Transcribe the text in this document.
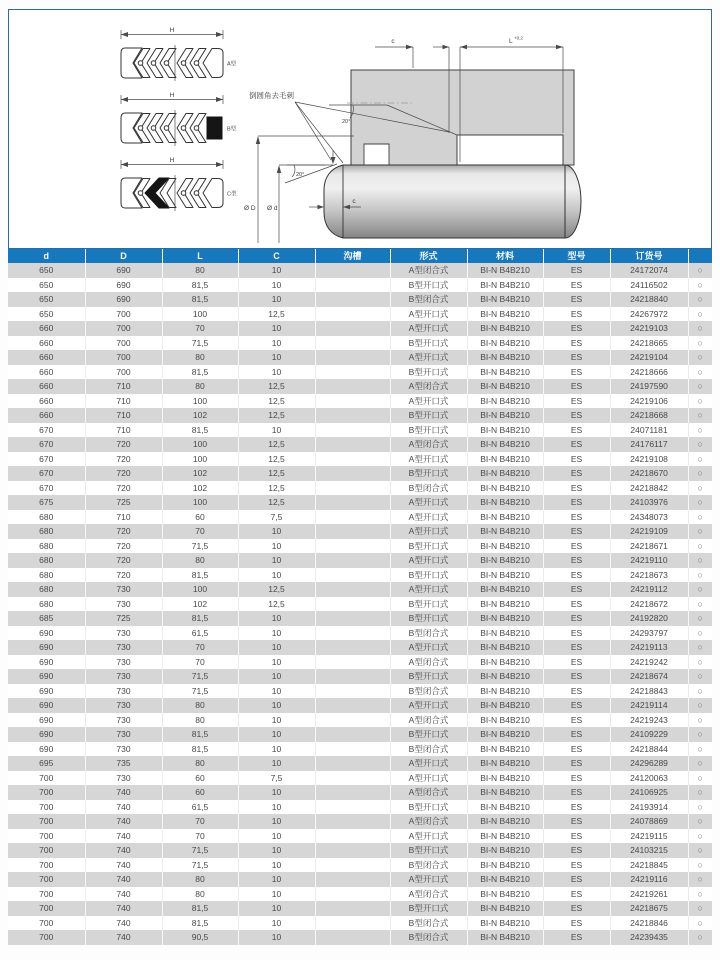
H
A型
H
B型
H
C型
20°
20°
倒圆角去毛刺
c	L +0.2
c
Ø D Ø d
d	D	L	C	沟槽	形式	材料	型号	订货号	
650	690	80	10		A型闭合式	BI-N B4B210	ES	24172074	○
650	690	81,5	10		B型开口式	BI-N B4B210	ES	24116502	○
650	690	81,5	10		B型闭合式	BI-N B4B210	ES	24218840	○
650	700	100	12,5		A型开口式	BI-N B4B210	ES	24267972	○
660	700	70	10		A型开口式	BI-N B4B210	ES	24219103	○
660	700	71,5	10		B型开口式	BI-N B4B210	ES	24218665	○
660	700	80	10		A型开口式	BI-N B4B210	ES	24219104	○
660	700	81,5	10		B型开口式	BI-N B4B210	ES	24218666	○
660	710	80	12,5		A型闭合式	BI-N B4B210	ES	24197590	○
660	710	100	12,5		A型开口式	BI-N B4B210	ES	24219106	○
660	710	102	12,5		B型开口式	BI-N B4B210	ES	24218668	○
670	710	81,5	10		B型开口式	BI-N B4B210	ES	24071181	○
670	720	100	12,5		A型闭合式	BI-N B4B210	ES	24176117	○
670	720	100	12,5		A型开口式	BI-N B4B210	ES	24219108	○
670	720	102	12,5		B型开口式	BI-N B4B210	ES	24218670	○
670	720	102	12,5		B型闭合式	BI-N B4B210	ES	24218842	○
675	725	100	12,5		A型开口式	BI-N B4B210	ES	24103976	○
680	710	60	7,5		A型开口式	BI-N B4B210	ES	24348073	○
680	720	70	10		A型开口式	BI-N B4B210	ES	24219109	○
680	720	71,5	10		B型开口式	BI-N B4B210	ES	24218671	○
680	720	80	10		A型开口式	BI-N B4B210	ES	24219110	○
680	720	81,5	10		B型开口式	BI-N B4B210	ES	24218673	○
680	730	100	12,5		A型开口式	BI-N B4B210	ES	24219112	○
680	730	102	12,5		B型开口式	BI-N B4B210	ES	24218672	○
685	725	81,5	10		B型开口式	BI-N B4B210	ES	24192820	○
690	730	61,5	10		B型闭合式	BI-N B4B210	ES	24293797	○
690	730	70	10		A型开口式	BI-N B4B210	ES	24219113	○
690	730	70	10		A型闭合式	BI-N B4B210	ES	24219242	○
690	730	71,5	10		B型开口式	BI-N B4B210	ES	24218674	○
690	730	71,5	10		B型闭合式	BI-N B4B210	ES	24218843	○
690	730	80	10		A型开口式	BI-N B4B210	ES	24219114	○
690	730	80	10		A型闭合式	BI-N B4B210	ES	24219243	○
690	730	81,5	10		B型开口式	BI-N B4B210	ES	24109229	○
690	730	81,5	10		B型闭合式	BI-N B4B210	ES	24218844	○
695	735	80	10		A型开口式	BI-N B4B210	ES	24296289	○
700	730	60	7,5		A型开口式	BI-N B4B210	ES	24120063	○
700	740	60	10		A型闭合式	BI-N B4B210	ES	24106925	○
700	740	61,5	10		B型开口式	BI-N B4B210	ES	24193914	○
700	740	70	10		A型闭合式	BI-N B4B210	ES	24078869	○
700	740	70	10		A型开口式	BI-N B4B210	ES	24219115	○
700	740	71,5	10		B型开口式	BI-N B4B210	ES	24103215	○
700	740	71,5	10		B型闭合式	BI-N B4B210	ES	24218845	○
700	740	80	10		A型开口式	BI-N B4B210	ES	24219116	○
700	740	80	10		A型闭合式	BI-N B4B210	ES	24219261	○
700	740	81,5	10		B型开口式	BI-N B4B210	ES	24218675	○
700	740	81,5	10		B型闭合式	BI-N B4B210	ES	24218846	○
700	740	90,5	10		B型闭合式	BI-N B4B210	ES	24239435	○
